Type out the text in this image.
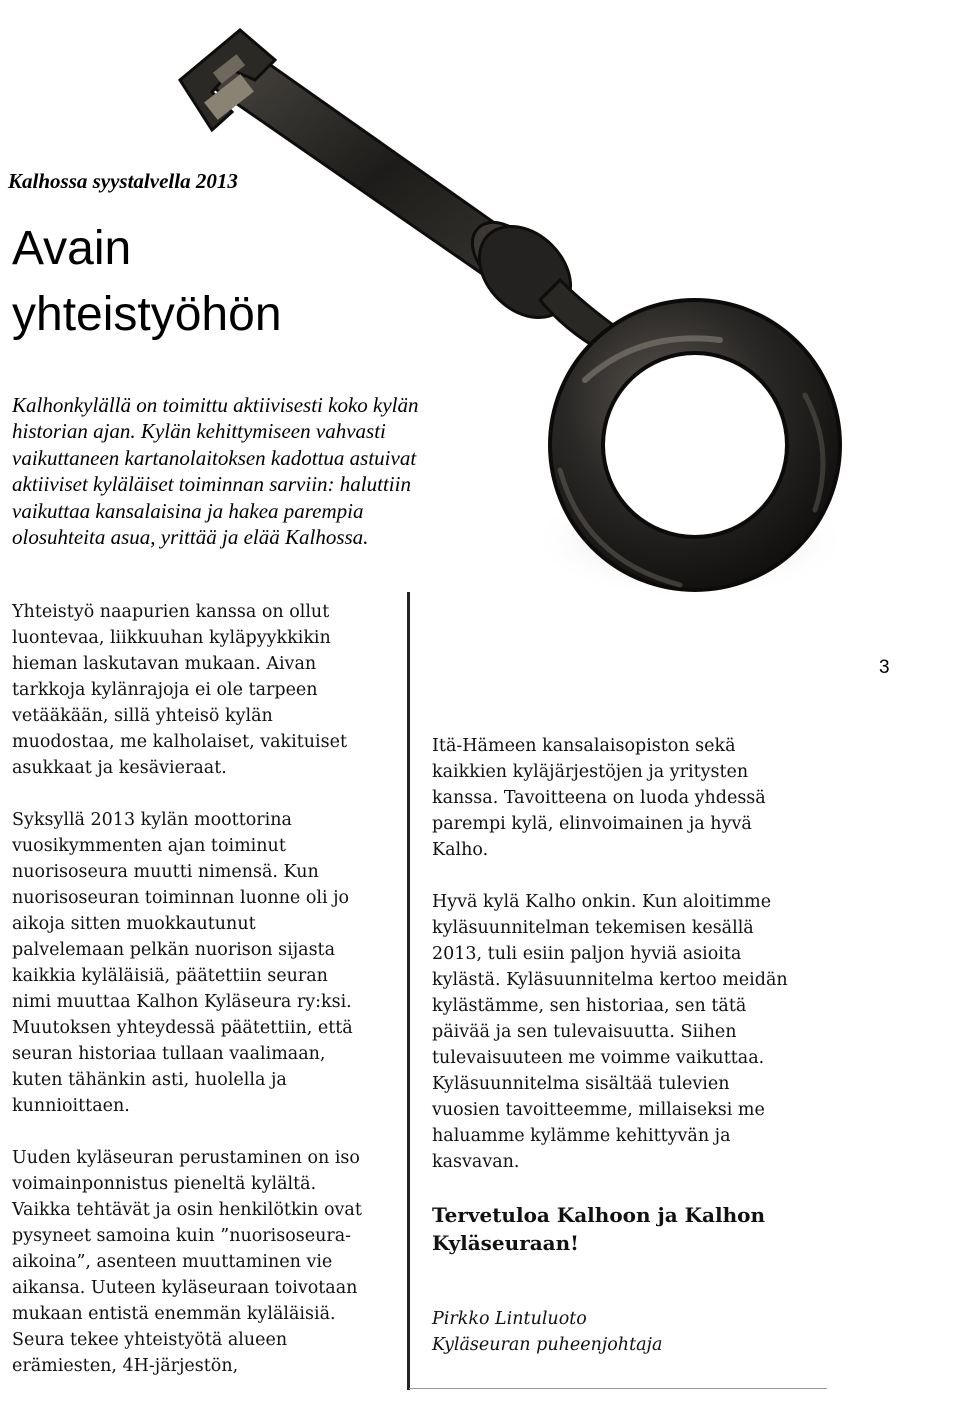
Kalhossa syystalvella 2013
Avain
yhteistyöhön
Kalhonkylällä on toimittu aktiivisesti koko kylän
historian ajan. Kylän kehittymiseen vahvasti
vaikuttaneen kartanolaitoksen kadottua astuivat
aktiiviset kyläläiset toiminnan sarviin: haluttiin
vaikuttaa kansalaisina ja hakea parempia
olosuhteita asua, yrittää ja elää Kalhossa.

Yhteistyö naapurien kanssa on ollut
luontevaa, liikkuuhan kyläpyykkikin
hieman laskutavan mukaan. Aivan
tarkkoja kylänrajoja ei ole tarpeen
vetääkään, sillä yhteisö kylän
muodostaa, me kalholaiset, vakituiset
asukkaat ja kesävieraat.

Syksyllä 2013 kylän moottorina
vuosikymmenten ajan toiminut
nuorisoseura muutti nimensä. Kun
nuorisoseuran toiminnan luonne oli jo
aikoja sitten muokkautunut
palvelemaan pelkän nuorison sijasta
kaikkia kyläläisiä, päätettiin seuran
nimi muuttaa Kalhon Kyläseura ry:ksi.
Muutoksen yhteydessä päätettiin, että
seuran historiaa tullaan vaalimaan,
kuten tähänkin asti, huolella ja
kunnioittaen.

Uuden kyläseuran perustaminen on iso
voimainponnistus pieneltä kylältä.
Vaikka tehtävät ja osin henkilötkin ovat
pysyneet samoina kuin ”nuorisoseura-
aikoina”, asenteen muuttaminen vie
aikansa. Uuteen kyläseuraan toivotaan
mukaan entistä enemmän kyläläisiä.
Seura tekee yhteistyötä alueen
erämiesten, 4H-järjestön,

Itä-Hämeen kansalaisopiston sekä
kaikkien kyläjärjestöjen ja yritysten
kanssa. Tavoitteena on luoda yhdessä
parempi kylä, elinvoimainen ja hyvä
Kalho.

Hyvä kylä Kalho onkin. Kun aloitimme
kyläsuunnitelman tekemisen kesällä
2013, tuli esiin paljon hyviä asioita
kylästä. Kyläsuunnitelma kertoo meidän
kylästämme, sen historiaa, sen tätä
päivää ja sen tulevaisuutta. Siihen
tulevaisuuteen me voimme vaikuttaa.
Kyläsuunnitelma sisältää tulevien
vuosien tavoitteemme, millaiseksi me
haluamme kylämme kehittyvän ja
kasvavan.

Tervetuloa Kalhoon ja Kalhon
Kyläseuraan!
Pirkko Lintuluoto
Kyläseuran puheenjohtaja
3
